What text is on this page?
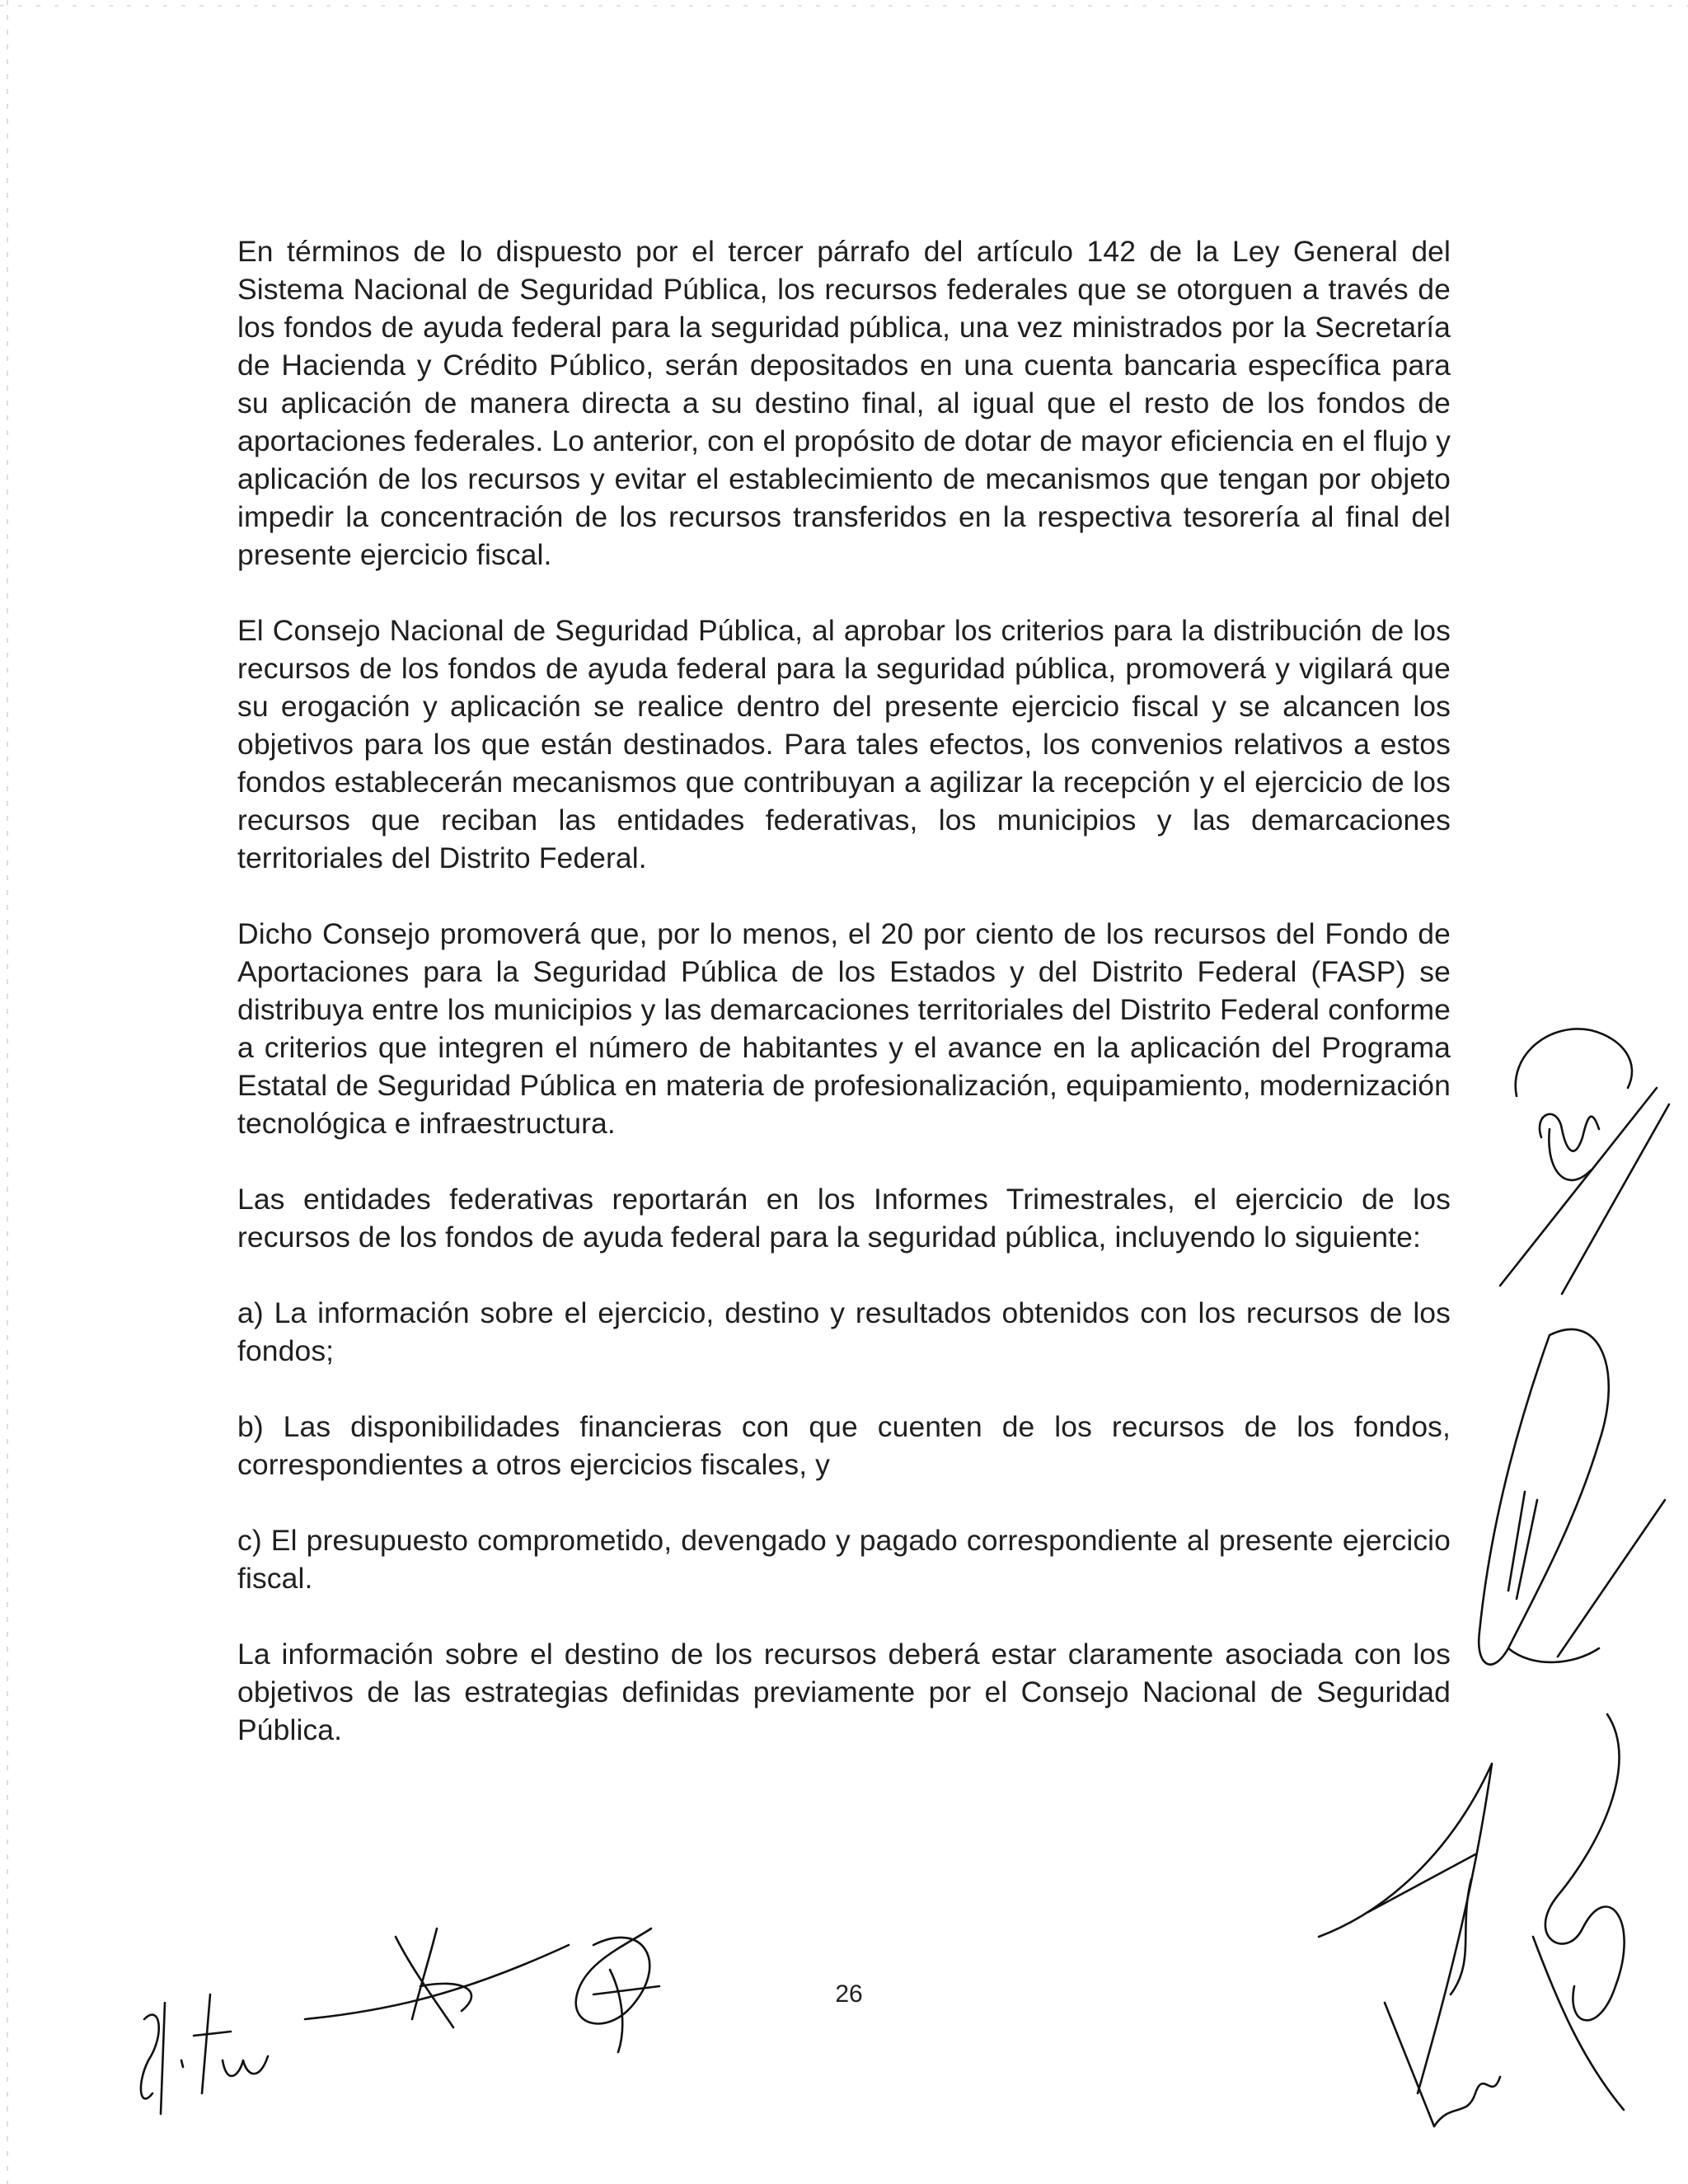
En términos de lo dispuesto por el tercer párrafo del artículo 142 de la Ley General del Sistema Nacional de Seguridad Pública, los recursos federales que se otorguen a través de los fondos de ayuda federal para la seguridad pública, una vez ministrados por la Secretaría de Hacienda y Crédito Público, serán depositados en una cuenta bancaria específica para su aplicación de manera directa a su destino final, al igual que el resto de los fondos de aportaciones federales. Lo anterior, con el propósito de dotar de mayor eficiencia en el flujo y aplicación de los recursos y evitar el establecimiento de mecanismos que tengan por objeto impedir la concentración de los recursos transferidos en la respectiva tesorería al final del presente ejercicio fiscal.

El Consejo Nacional de Seguridad Pública, al aprobar los criterios para la distribución de los recursos de los fondos de ayuda federal para la seguridad pública, promoverá y vigilará que su erogación y aplicación se realice dentro del presente ejercicio fiscal y se alcancen los objetivos para los que están destinados. Para tales efectos, los convenios relativos a estos fondos establecerán mecanismos que contribuyan a agilizar la recepción y el ejercicio de los recursos que reciban las entidades federativas, los municipios y las demarcaciones territoriales del Distrito Federal.

Dicho Consejo promoverá que, por lo menos, el 20 por ciento de los recursos del Fondo de Aportaciones para la Seguridad Pública de los Estados y del Distrito Federal (FASP) se distribuya entre los municipios y las demarcaciones territoriales del Distrito Federal conforme a criterios que integren el número de habitantes y el avance en la aplicación del Programa Estatal de Seguridad Pública en materia de profesionalización, equipamiento, modernización tecnológica e infraestructura.

Las entidades federativas reportarán en los Informes Trimestrales, el ejercicio de los recursos de los fondos de ayuda federal para la seguridad pública, incluyendo lo siguiente:

a) La información sobre el ejercicio, destino y resultados obtenidos con los recursos de los fondos;

b) Las disponibilidades financieras con que cuenten de los recursos de los fondos, correspondientes a otros ejercicios fiscales, y

c) El presupuesto comprometido, devengado y pagado correspondiente al presente ejercicio fiscal.

La información sobre el destino de los recursos deberá estar claramente asociada con los objetivos de las estrategias definidas previamente por el Consejo Nacional de Seguridad Pública.

26
